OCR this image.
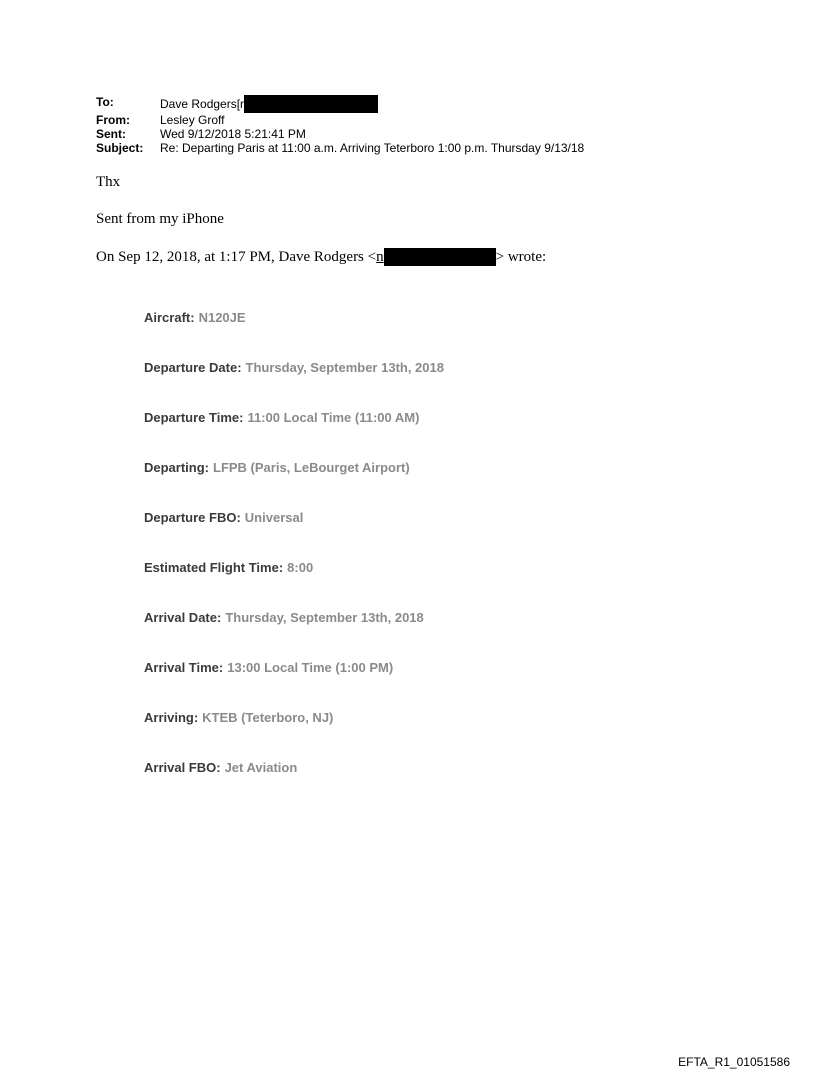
To:	Dave Rodgers[r
From:	Lesley Groff
Sent:	Wed 9/12/2018 5:21:41 PM
Subject:	Re: Departing Paris at 11:00 a.m. Arriving Teterboro 1:00 p.m. Thursday 9/13/18
Thx
Sent from my iPhone
On Sep 12, 2018, at 1:17 PM, Dave Rodgers < n	> wrote:
Aircraft: N120JE
Departure Date: Thursday, September 13th, 2018
Departure Time: 11:00 Local Time (11:00 AM)
Departing: LFPB (Paris, LeBourget Airport)
Departure FBO: Universal
Estimated Flight Time: 8:00
Arrival Date: Thursday, September 13th, 2018
Arrival Time: 13:00 Local Time (1:00 PM)
Arriving: KTEB (Teterboro, NJ)
Arrival FBO: Jet Aviation
EFTA_R1_01051586
